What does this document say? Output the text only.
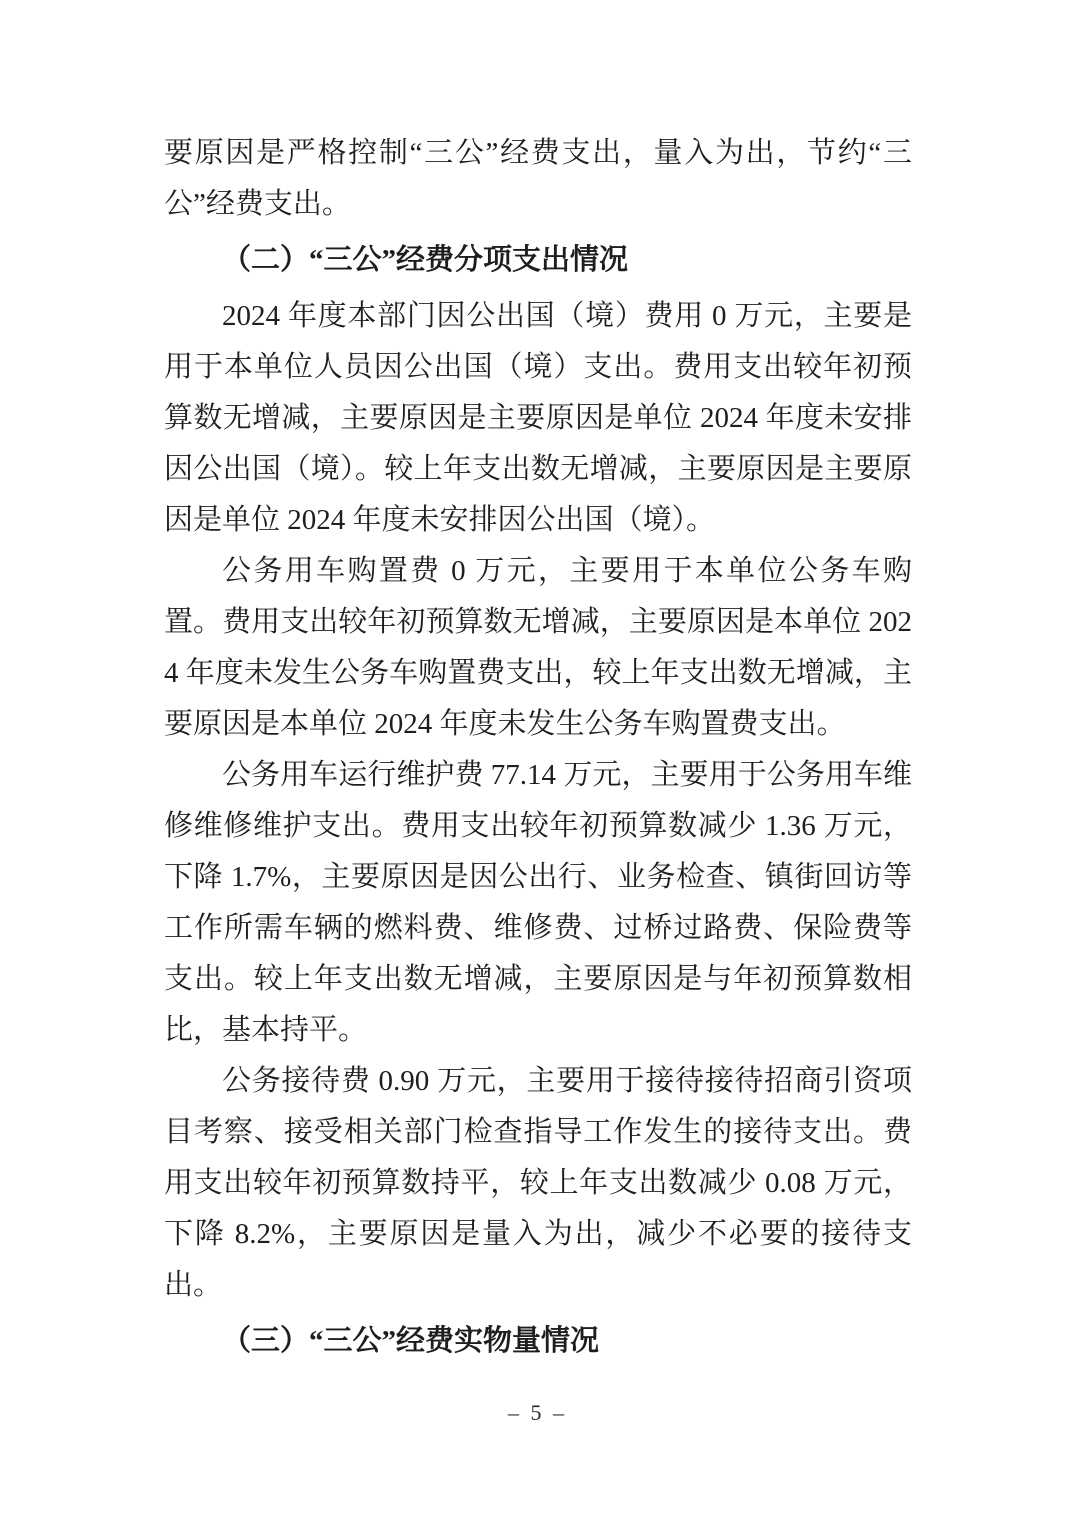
要原因是严格控制“三公”经费支出，量入为出，节约“三公”经费支出。

（二）“三公”经费分项支出情况

2024 年度本部门因公出国（境）费用 0 万元，主要是用于本单位人员因公出国（境）支出。费用支出较年初预算数无增减，主要原因是主要原因是单位 2024 年度未安排因公出国（境）。较上年支出数无增减，主要原因是主要原因是单位 2024 年度未安排因公出国（境）。

公务用车购置费 0 万元，主要用于本单位公务车购置。费用支出较年初预算数无增减，主要原因是本单位 2024 年度未发生公务车购置费支出，较上年支出数无增减，主要原因是本单位 2024 年度未发生公务车购置费支出。

公务用车运行维护费 77.14 万元，主要用于公务用车维修维修维护支出。费用支出较年初预算数减少 1.36 万元，下降 1.7%，主要原因是因公出行、业务检查、镇街回访等工作所需车辆的燃料费、维修费、过桥过路费、保险费等支出。较上年支出数无增减，主要原因是与年初预算数相比，基本持平。

公务接待费 0.90 万元，主要用于接待接待招商引资项目考察、接受相关部门检查指导工作发生的接待支出。费用支出较年初预算数持平，较上年支出数减少 0.08 万元，下降 8.2%，主要原因是量入为出，减少不必要的接待支出。

（三）“三公”经费实物量情况
– 5 –
